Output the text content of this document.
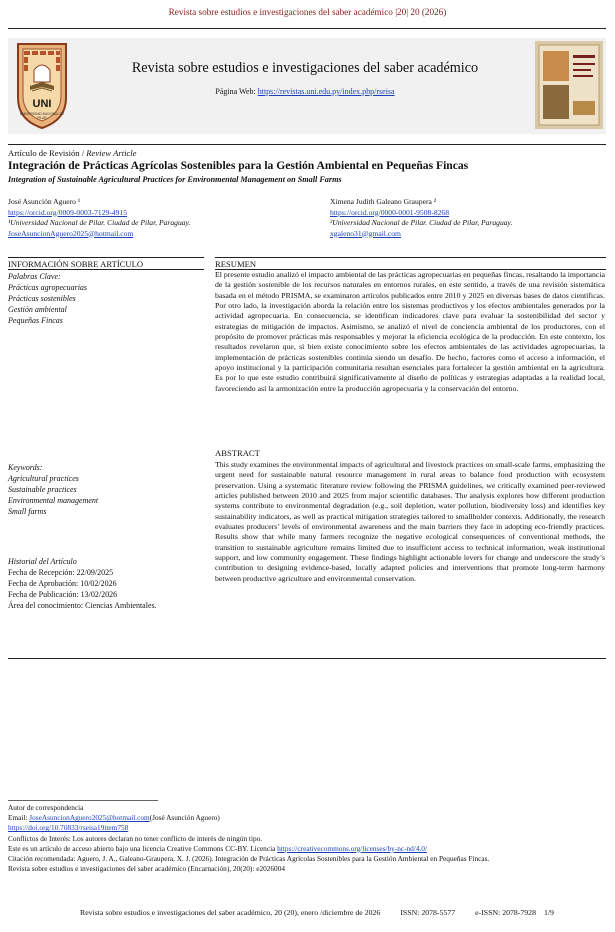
Revista sobre estudios e investigaciones del saber académico |20| 20 (2026)
UNI
UNIVERSIDAD NACIONAL DE PILAR
Revista sobre estudios e investigaciones del saber académico
Página Web: https://revistas.uni.edu.py/index.php/rseisa
Artículo de Revisión / Review Article
Integración de Prácticas Agrícolas Sostenibles para la Gestión Ambiental en Pequeñas Fincas
Integration of Sustainable Agricultural Practices for Environmental Management on Small Farms
José Asunción Aguero ¹
https://orcid.org/0009-0003-7129-4915
¹Universidad Nacional de Pilar. Ciudad de Pilar, Paraguay.
JoseAsuncionAguero2025@hotmail.com
Ximena Judith Galeano Graupera ²
https://orcid.org/0000-0001-9508-8268
²Universidad Nacional de Pilar. Ciudad de Pilar, Paraguay.
xgaleno31@gmail.com
INFORMACIÓN SOBRE ARTÍCULO
Palabras Clave:
Prácticas agropecuarias
Prácticas sostenibles
Gestión ambiental
Pequeñas Fincas
Keywords:
Agricultural practices
Sustainable practices
Environmental management
Small farms
Historial del Artículo
Fecha de Recepción: 22/09/2025
Fecha de Aprobación: 10/02/2026
Fecha de Publicación: 13/02/2026
Área del conocimiento: Ciencias Ambientales.
RESUMEN
El presente estudio analizó el impacto ambiental de las prácticas agropecuarias en pequeñas fincas, resaltando la importancia de la gestión sostenible de los recursos naturales en entornos rurales, en este sentido, a través de una revisión sistemática basada en el método PRISMA, se examinaron artículos publicados entre 2010 y 2025 en diversas bases de datos científicas. Por otro lado, la investigación aborda la relación entre los sistemas productivos y los efectos ambientales generados por la actividad agropecuaria. En consecuencia, se identifican indicadores clave para evaluar la sostenibilidad del sector y estrategias de mitigación de impactos. Asimismo, se analizó el nivel de conciencia ambiental de los productores, con el propósito de promover prácticas más responsables y mejorar la eficiencia ecológica de la producción. En este contexto, los resultados revelaron que, si bien existe conocimiento sobre los efectos ambientales de las actividades agropecuarias, la implementación de prácticas sostenibles continúa siendo un desafío. De hecho, factores como el acceso a información, el apoyo institucional y la participación comunitaria resultan esenciales para fortalecer la gestión ambiental en la agricultura. Es por lo que este estudio contribuirá significativamente al diseño de políticas y estrategias adaptadas a la realidad local, favoreciendo así la armonización entre la producción agropecuaria y la conservación del entorno.
ABSTRACT
This study examines the environmental impacts of agricultural and livestock practices on small-scale farms, emphasizing the urgent need for sustainable natural resource management in rural areas to balance food production with ecosystem preservation. Using a systematic literature review following the PRISMA guidelines, we critically examined peer-reviewed articles published between 2010 and 2025 from major scientific databases. The analysis explores how different production systems contribute to environmental degradation (e.g., soil depletion, water pollution, biodiversity loss) and identifies key sustainability indicators, as well as practical mitigation strategies tailored to smallholder contexts. Additionally, the research evaluates producers’ levels of environmental awareness and the main barriers they face in adopting eco-friendly practices. Results show that while many farmers recognize the negative ecological consequences of conventional methods, the transition to sustainable agriculture remains limited due to insufficient access to technical information, weak institutional support, and low community engagement. These findings highlight actionable levers for change and underscore the study’s contribution to designing evidence-based, locally adapted policies and interventions that promote long-term harmony between productive agriculture and environmental conservation.
Autor de correspondencia
Email: JoseAsuncionAguero2025@hotmail.com(José Asunción Aguero)
https://doi.org/10.70833/rseisa19item758
Conflictos de Interés: Los autores declaran no tener conflicto de interés de ningún tipo.
Este es un artículo de acceso abierto bajo una licencia Creative Commons CC-BY. Licencia https://creativecommons.org/licenses/by-nc-nd/4.0/
Citación recomendada: Aguero, J. A., Galeano-Graupera, X. J. (2026). Integración de Prácticas Agrícolas Sostenibles para la Gestión Ambiental en Pequeñas Fincas.
Revista sobre estudios e investigaciones del saber académico (Encarnación), 20(20): e2026004
Revista sobre estudios e investigaciones del saber académico, 20 (20), enero /diciembre de 2026	ISSN: 2078-5577	e-ISSN: 2078-7928 1/9
